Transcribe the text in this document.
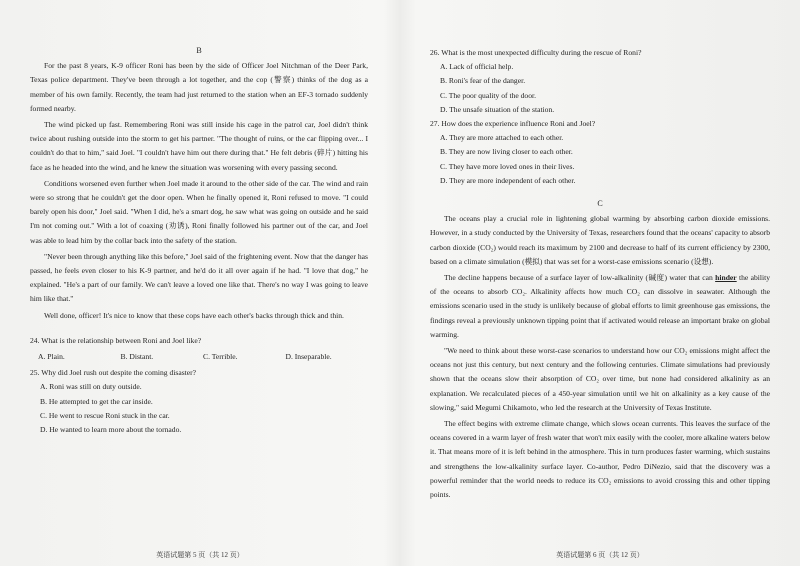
B

For the past 8 years, K-9 officer Roni has been by the side of Officer Joel Nitchman of the Deer Park, Texas police department. They've been through a lot together, and the cop (警察) thinks of the dog as a member of his own family. Recently, the team had just returned to the station when an EF-3 tornado suddenly formed nearby.

The wind picked up fast. Remembering Roni was still inside his cage in the patrol car, Joel didn't think twice about rushing outside into the storm to get his partner. "The thought of ruins, or the car flipping over... I couldn't do that to him," said Joel. "I couldn't have him out there during that." He felt debris (碎片) hitting his face as he headed into the wind, and he knew the situation was worsening with every passing second.

Conditions worsened even further when Joel made it around to the other side of the car. The wind and rain were so strong that he couldn't get the door open. When he finally opened it, Roni refused to move. "I could barely open his door," Joel said. "When I did, he's a smart dog, he saw what was going on outside and he said I'm not coming out." With a lot of coaxing (劝诱), Roni finally followed his partner out of the car, and Joel was able to lead him by the collar back into the safety of the station.

"Never been through anything like this before," Joel said of the frightening event. Now that the danger has passed, he feels even closer to his K-9 partner, and he'd do it all over again if he had. "I love that dog," he explained. "He's a part of our family. We can't leave a loved one like that. There's no way I was going to leave him like that."

Well done, officer! It's nice to know that these cops have each other's backs through thick and thin.

24. What is the relationship between Roni and Joel like?

A. Plain.	B. Distant.	C. Terrible.	D. Inseparable.

25. Why did Joel rush out despite the coming disaster?

A. Roni was still on duty outside.

B. He attempted to get the car inside.

C. He went to rescue Roni stuck in the car.

D. He wanted to learn more about the tornado.

英语试题第 5 页（共 12 页）

26. What is the most unexpected difficulty during the rescue of Roni?

A. Lack of official help.

B. Roni's fear of the danger.

C. The poor quality of the door.

D. The unsafe situation of the station.

27. How does the experience influence Roni and Joel?

A. They are more attached to each other.

B. They are now living closer to each other.

C. They have more loved ones in their lives.

D. They are more independent of each other.

C

The oceans play a crucial role in lightening global warming by absorbing carbon dioxide emissions. However, in a study conducted by the University of Texas, researchers found that the oceans' capacity to absorb carbon dioxide (CO₂) would reach its maximum by 2100 and decrease to half of its current efficiency by 2300, based on a climate simulation (模拟) that was set for a worst-case emissions scenario (设想).

The decline happens because of a surface layer of low-alkalinity (碱度) water that can hinder the ability of the oceans to absorb CO₂. Alkalinity affects how much CO₂ can dissolve in seawater. Although the emissions scenario used in the study is unlikely because of global efforts to limit greenhouse gas emissions, the findings reveal a previously unknown tipping point that if activated would release an important brake on global warming.

"We need to think about these worst-case scenarios to understand how our CO₂ emissions might affect the oceans not just this century, but next century and the following centuries. Climate simulations had previously shown that the oceans slow their absorption of CO₂ over time, but none had considered alkalinity as an explanation. We recalculated pieces of a 450-year simulation until we hit on alkalinity as a key cause of the slowing," said Megumi Chikamoto, who led the research at the University of Texas Institute.

The effect begins with extreme climate change, which slows ocean currents. This leaves the surface of the oceans covered in a warm layer of fresh water that won't mix easily with the cooler, more alkaline waters below it. That means more of it is left behind in the atmosphere. This in turn produces faster warming, which sustains and strengthens the low-alkalinity surface layer. Co-author, Pedro DiNezio, said that the discovery was a powerful reminder that the world needs to reduce its CO₂ emissions to avoid crossing this and other tipping points.

英语试题第 6 页（共 12 页）
